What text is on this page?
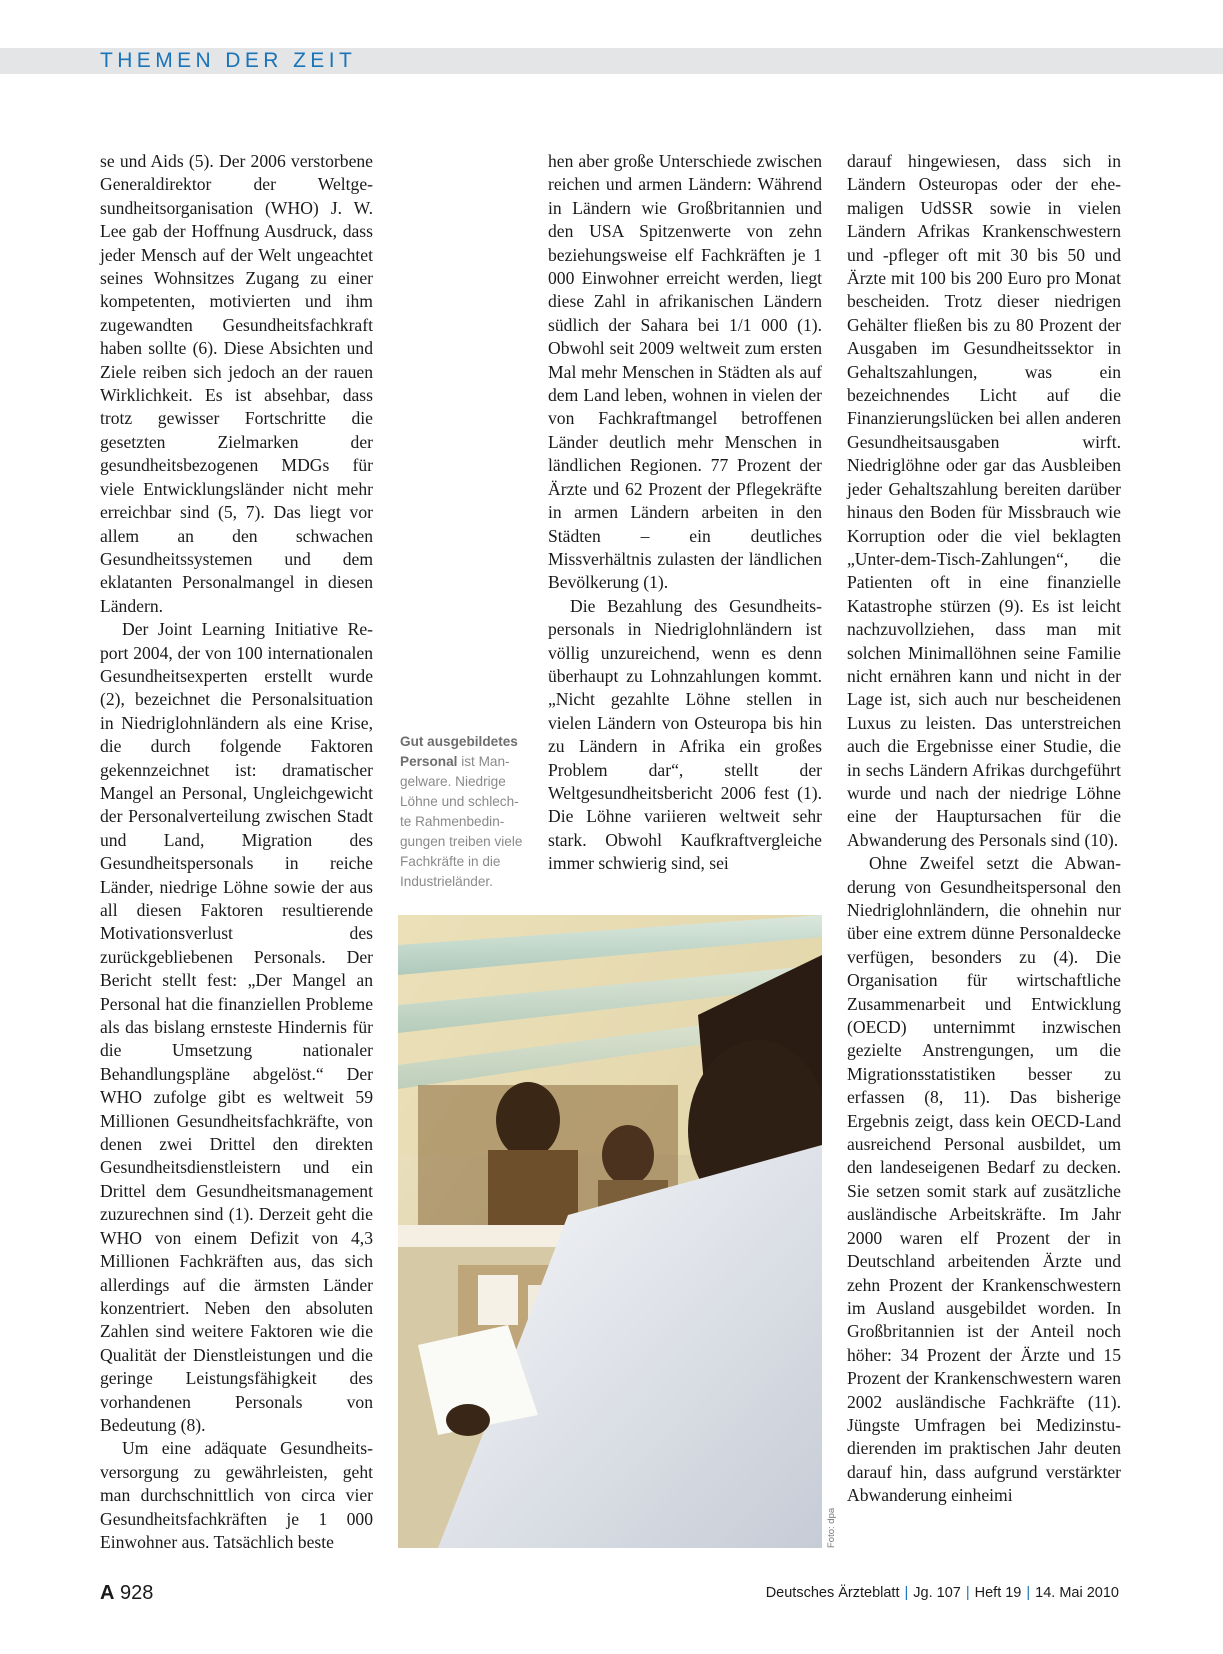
THEMEN DER ZEIT

se und Aids (5). Der 2006 verstorbene Generaldirektor der Weltgesundheitsorganisation (WHO) J. W. Lee gab der Hoffnung Ausdruck, dass jeder Mensch auf der Welt ungeachtet seines Wohnsitzes Zugang zu einer kompetenten, motivierten und ihm zugewandten Gesundheitsfachkraft haben sollte (6). Diese Absichten und Ziele reiben sich jedoch an der rauen Wirklichkeit. Es ist absehbar, dass trotz gewisser Fortschritte die gesetzten Zielmarken der gesundheitsbezogenen MDGs für viele Entwicklungsländer nicht mehr erreichbar sind (5, 7). Das liegt vor allem an den schwachen Gesundheitssystemen und dem eklatanten Personalmangel in diesen Ländern.

Der Joint Learning Initiative Report 2004, der von 100 internationalen Gesundheitsexperten erstellt wurde (2), bezeichnet die Personalsituation in Niedriglohnländern als eine Krise, die durch folgende Faktoren gekennzeichnet ist: dramatischer Mangel an Personal, Ungleichgewicht der Personalverteilung zwischen Stadt und Land, Migration des Gesundheitspersonals in reiche Länder, niedrige Löhne sowie der aus all diesen Faktoren resultierende Motivationsverlust des zurückgebliebenen Personals. Der Bericht stellt fest: „Der Mangel an Personal hat die finanziellen Probleme als das bislang ernsteste Hindernis für die Umsetzung nationaler Behandlungspläne abgelöst.“ Der WHO zufolge gibt es weltweit 59 Millionen Gesundheitsfachkräfte, von denen zwei Drittel den direkten Gesundheitsdienstleistern und ein Drittel dem Gesundheitsmanagement zuzurechnen sind (1). Derzeit geht die WHO von einem Defizit von 4,3 Millionen Fachkräften aus, das sich allerdings auf die ärmsten Länder konzentriert. Neben den absoluten Zahlen sind weitere Faktoren wie die Qualität der Dienstleistungen und die geringe Leistungsfähigkeit des vorhandenen Personals von Bedeutung (8).

Um eine adäquate Gesundheitsversorgung zu gewährleisten, geht man durchschnittlich von circa vier Gesundheitsfachkräften je 1 000 Einwohner aus. Tatsächlich beste

hen aber große Unterschiede zwischen reichen und armen Ländern: Während in Ländern wie Großbritannien und den USA Spitzenwerte von zehn beziehungsweise elf Fachkräften je 1 000 Einwohner erreicht werden, liegt diese Zahl in afrikanischen Ländern südlich der Sahara bei 1/1 000 (1). Obwohl seit 2009 weltweit zum ersten Mal mehr Menschen in Städten als auf dem Land leben, wohnen in vielen der von Fachkraftmangel betroffenen Länder deutlich mehr Menschen in ländlichen Regionen. 77 Prozent der Ärzte und 62 Prozent der Pflegekräfte in armen Ländern arbeiten in den Städten – ein deutliches Missverhältnis zulasten der ländlichen Bevölkerung (1).

Die Bezahlung des Gesundheitspersonals in Niedriglohnländern ist völlig unzureichend, wenn es denn überhaupt zu Lohnzahlungen kommt. „Nicht gezahlte Löhne stellen in vielen Ländern von Osteuropa bis hin zu Ländern in Afrika ein großes Problem dar“, stellt der Weltgesundheitsbericht 2006 fest (1). Die Löhne variieren weltweit sehr stark. Obwohl Kaufkraftvergleiche immer schwierig sind, sei

darauf hingewiesen, dass sich in Ländern Osteuropas oder der ehemaligen UdSSR sowie in vielen Ländern Afrikas Krankenschwestern und -pfleger oft mit 30 bis 50 und Ärzte mit 100 bis 200 Euro pro Monat bescheiden. Trotz dieser niedrigen Gehälter fließen bis zu 80 Prozent der Ausgaben im Gesundheitssektor in Gehaltszahlungen, was ein bezeichnendes Licht auf die Finanzierungslücken bei allen anderen Gesundheitsausgaben wirft. Niedriglöhne oder gar das Ausbleiben jeder Gehaltszahlung bereiten darüber hinaus den Boden für Missbrauch wie Korruption oder die viel beklagten „Unter-dem-Tisch-Zahlungen“, die Patienten oft in eine finanzielle Katastrophe stürzen (9). Es ist leicht nachzuvollziehen, dass man mit solchen Minimallöhnen seine Familie nicht ernähren kann und nicht in der Lage ist, sich auch nur bescheidenen Luxus zu leisten. Das unterstreichen auch die Ergebnisse einer Studie, die in sechs Ländern Afrikas durchgeführt wurde und nach der niedrige Löhne eine der Hauptursachen für die Abwanderung des Personals sind (10).

Ohne Zweifel setzt die Abwanderung von Gesundheitspersonal den Niedriglohnländern, die ohnehin nur über eine extrem dünne Personaldecke verfügen, besonders zu (4). Die Organisation für wirtschaftliche Zusammenarbeit und Entwicklung (OECD) unternimmt inzwischen gezielte Anstrengungen, um die Migrationsstatistiken besser zu erfassen (8, 11). Das bisherige Ergebnis zeigt, dass kein OECD-Land ausreichend Personal ausbildet, um den landeseigenen Bedarf zu decken. Sie setzen somit stark auf zusätzliche ausländische Arbeitskräfte. Im Jahr 2000 waren elf Prozent der in Deutschland arbeitenden Ärzte und zehn Prozent der Krankenschwestern im Ausland ausgebildet worden. In Großbritannien ist der Anteil noch höher: 34 Prozent der Ärzte und 15 Prozent der Krankenschwestern waren 2002 ausländische Fachkräfte (11). Jüngste Umfragen bei Medizinstudierenden im praktischen Jahr deuten darauf hin, dass aufgrund verstärkter Abwanderung einheimi

Gut ausgebildetes Personal ist Mangelware. Niedrige Löhne und schlechte Rahmenbedingungen treiben viele Fachkräfte in die Industrieländer.
Foto: dpa
A 928	Deutsches Ärzteblatt | Jg. 107 | Heft 19 | 14. Mai 2010
